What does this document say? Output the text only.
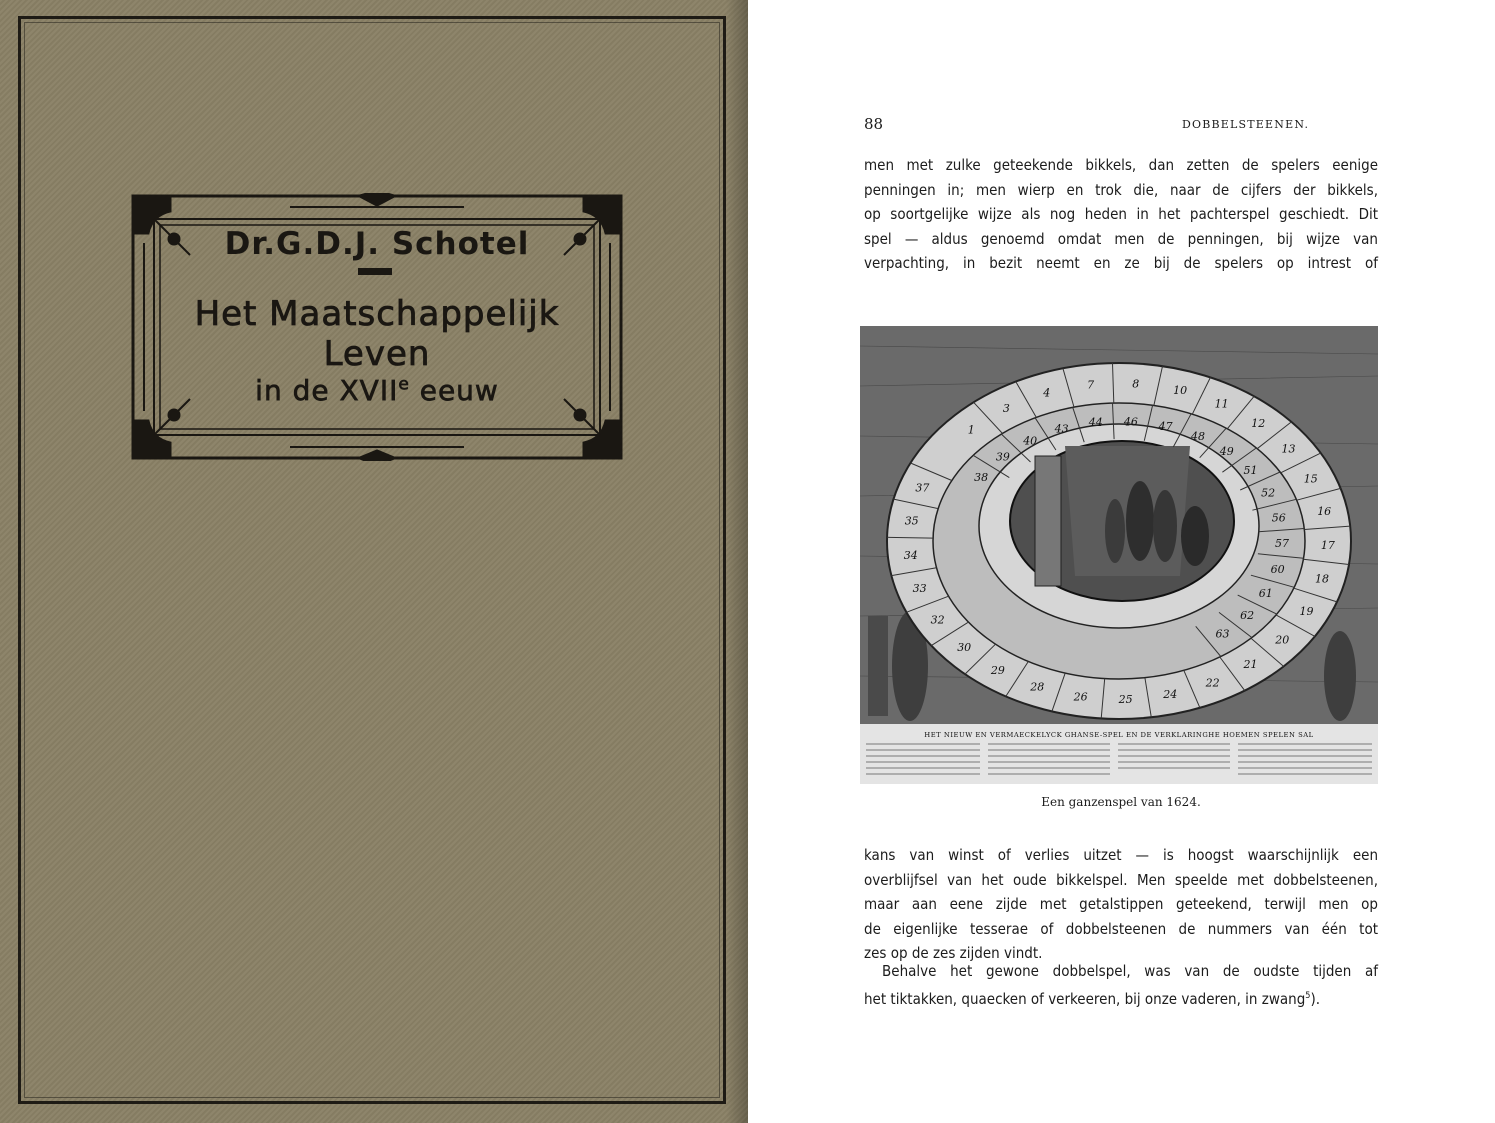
Dr.G.D.J. Schotel
Het Maatschappelijk
Leven
in de XVIIe eeuw
88	DOBBELSTEENEN.
men met zulke geteekende bikkels, dan zetten de spelers eenige
penningen in; men wierp en trok die, naar de cijfers der bikkels,
op soortgelijke wijze als nog heden in het pachterspel geschiedt. Dit
spel — aldus genoemd omdat men de penningen, bij wijze van
verpachting, in bezit neemt en ze bij de spelers op intrest of
1
3
4
7	8	10
11
12
13
15
16
17
18
19
20
21
22
24
25
26
28
29
30
32
33
34
35
37
38
39
40
43 44 46 47
48
49
51
52
56
57
60
61
62
63
HET NIEUW EN VERMAECKELYCK GHANSE-SPEL EN DE VERKLARINGHE HOEMEN SPELEN SAL
Een ganzenspel van 1624.
kans van winst of verlies uitzet — is hoogst waarschijnlijk een
overblijfsel van het oude bikkelspel. Men speelde met dobbelsteenen,
maar aan eene zijde met getalstippen geteekend, terwijl men op
de eigenlijke tesserae of dobbelsteenen de nummers van één tot
zes op de zes zijden vindt.
Behalve het gewone dobbelspel, was van de oudste tijden af
het tiktakken, quaecken of verkeeren, bij onze vaderen, in zwang$^5$).
